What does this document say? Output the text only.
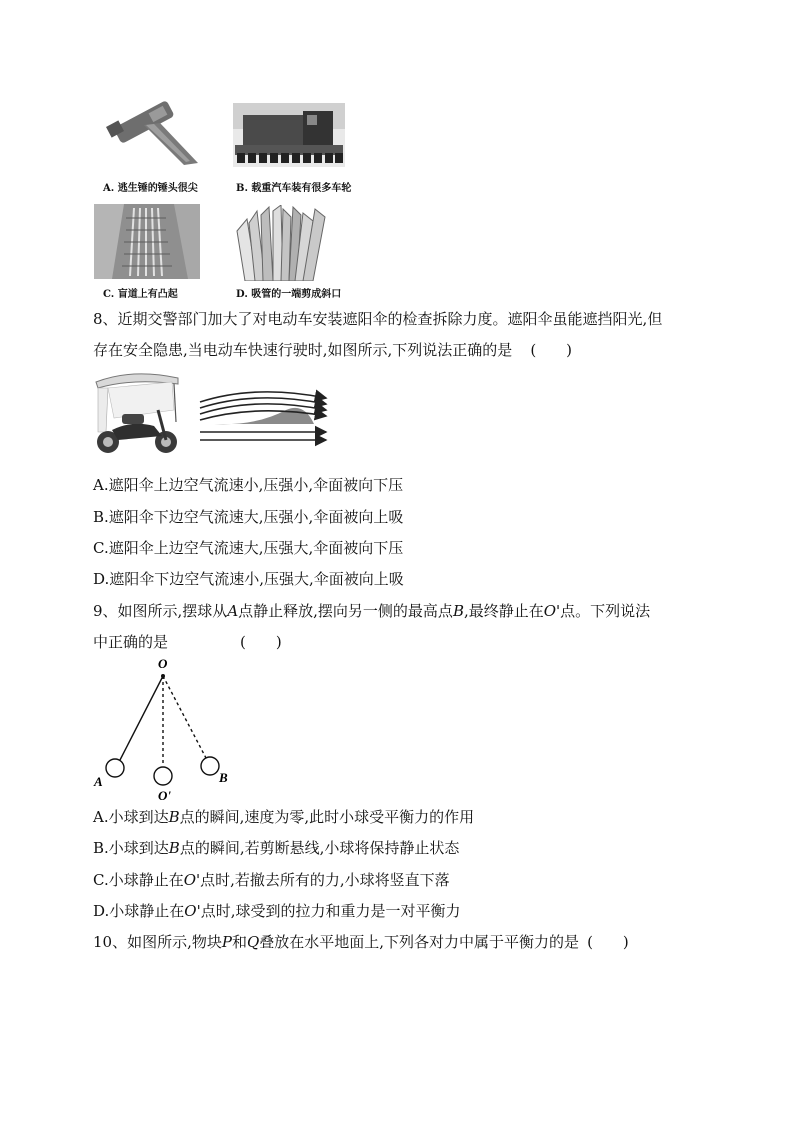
A. 逃生锤的锤头很尖	B. 载重汽车装有很多车轮
C. 盲道上有凸起	D. 吸管的一端剪成斜口
8、近期交警部门加大了对电动车安装遮阳伞的检查拆除力度。遮阳伞虽能遮挡阳光,但
存在安全隐患,当电动车快速行驶时,如图所示,下列说法正确的是 (　　)
A.遮阳伞上边空气流速小,压强小,伞面被向下压
B.遮阳伞下边空气流速大,压强小,伞面被向上吸
C.遮阳伞上边空气流速大,压强大,伞面被向下压
D.遮阳伞下边空气流速小,压强大,伞面被向上吸
9、如图所示,摆球从A点静止释放,摆向另一侧的最高点B,最终静止在O'点。下列说法
中正确的是	(　　)
O
A
O'
B
A.小球到达B点的瞬间,速度为零,此时小球受平衡力的作用
B.小球到达B点的瞬间,若剪断悬线,小球将保持静止状态
C.小球静止在O'点时,若撤去所有的力,小球将竖直下落
D.小球静止在O'点时,球受到的拉力和重力是一对平衡力
10、如图所示,物块P和Q叠放在水平地面上,下列各对力中属于平衡力的是 (　　)
